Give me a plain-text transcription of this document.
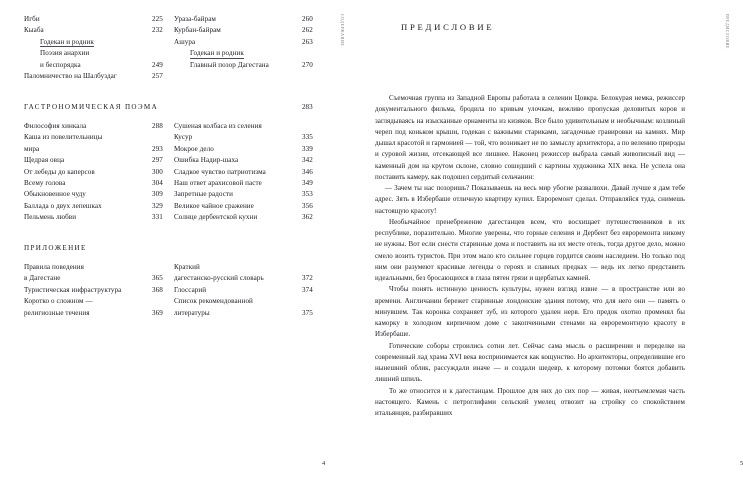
Игби	225
Кыаба	232
Годекан и родник
Поэзия анархии
и беспорядка	249
Паломничество на Шалбуздаг	257
Ураза-байрам	260
Курбан-байрам	262
Ашура	263
Годекан и родник
Главный позор Дагестана	270
ГАСТРОНОМИЧЕСКАЯ ПОЭМА	283
Философия хинкала	288
Каша из повелительницы
мира	293
Щедрая овца	297
От лебеды до каперсов	300
Всему голова	304
Обыкновенное чуду	309
Баллада о двух лепешках	329
Пельмень любви	331
Сушеная колбаса из селения
Кусур	335
Мокрое дело	339
Ошибка Надир-шаха	342
Сладкое чувство патриотизма	346
Наш ответ арахисовой пасте	349
Запретные радости	353
Великое чайное сражение	356
Солнце дербентской кухни	362
ПРИЛОЖЕНИЕ
Правила поведения
в Дагестане	365
Туристическая инфраструктура	368
Коротко о сложном —
религиозные течения	369
Краткий
дагестанско-русский словарь	372
Глоссарий	374
Список рекомендованной
литературы	375
СОДЕРЖАНИЕ
4
ПРЕДИСЛОВИЕ

Съемочная группа из Западной Европы работала в селении Цовкра. Белокурая немка, режиссер документального фильма, бродила по кривым улочкам, вежливо пропуская деловитых коров и заглядываясь на изысканные орнаменты из кизяков. Все было удивительным и необычным: козлиный череп под коньком крыши, годекан с важными стариками, загадочные гравировки на камнях. Мир дышал красотой и гармонией — той, что возникает не по замыслу архитектора, а по велению природы и суровой жизни, отсекающей все лишнее. Наконец режиссер выбрала самый живописный вид — каменный дом на крутом склоне, словно сошедший с картины художника XIX века. Не успела она поставить камеру, как подошел сердитый сельчанин:

— Зачем ты нас позоришь? Показываешь на весь мир убогие развалюхи. Давай лучше я дам тебе адрес. Зять в Избербаше отличную квартиру купил. Евроремонт сделал. Отправляйся туда, снимешь настоящую красоту!

Необычайное пренебрежение дагестанцев всем, что восхищает путешественников в их республике, поразительно. Многие уверены, что горные селения и Дербент без евроремонта никому не нужны. Вот если снести старинные дома и поставить на их месте отель, тогда другое дело, можно смело возить туристов. При этом мало кто сильнее горцев гордится своим наследием. Но только под ним они разумеют красивые легенды о героях и славных предках — ведь их легко представить идеальными, без бросающихся в глаза пятен грязи и щербатых камней.

Чтобы понять истинную ценность культуры, нужен взгляд извне — в пространстве или во времени. Англичанин бережет старинные лондонские здания потому, что для него они — память о минувшем. Так коронка сохраняет зуб, из которого удален нерв. Его предок охотно променял бы каморку в холодном кирпичном доме с закопченными стенами на евроремонтную красоту в Избербаше.

Готические соборы строились сотни лет. Сейчас сама мысль о расширении и переделке на современный лад храма XVI века воспринимается как кощунство. Но архитекторы, определившие его нынешний облик, рассуждали иначе — и создали шедевр, к которому потомки боятся добавить лишний шпиль.

То же относится и к дагестанцам. Прошлое для них до сих пор — живая, неотъемлемая часть настоящего. Камень с петроглифами сельский умелец отвозит на стройку со спокойствием итальянцев, разбиравших

ПРЕДИСЛОВИЕ
5
